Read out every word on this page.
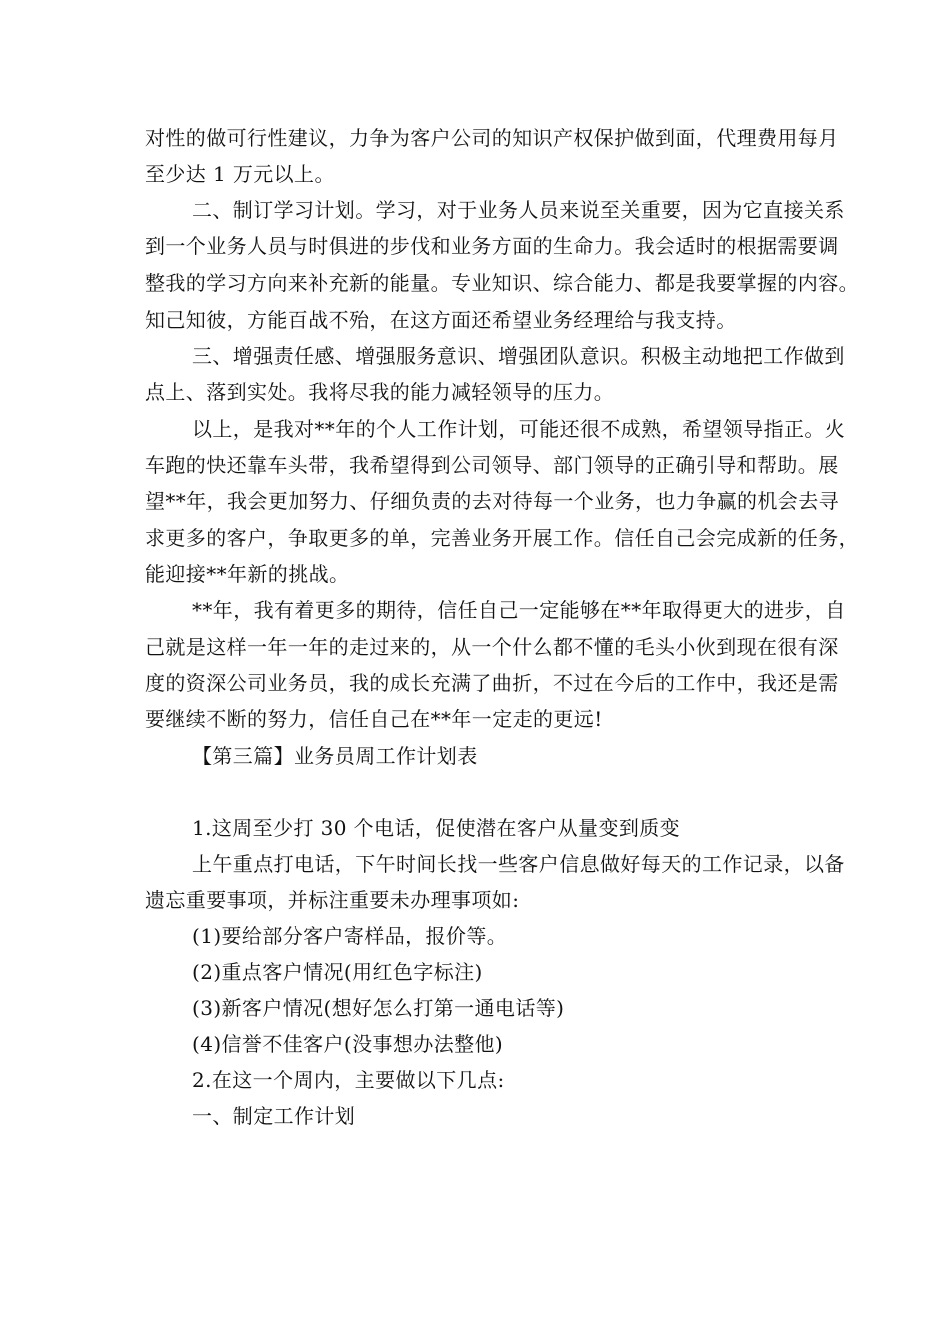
对性的做可行性建议，力争为客户公司的知识产权保护做到面，代理费用每月
至少达 1 万元以上。
二、制订学习计划。学习，对于业务人员来说至关重要，因为它直接关系
到一个业务人员与时俱进的步伐和业务方面的生命力。我会适时的根据需要调
整我的学习方向来补充新的能量。专业知识、综合能力、都是我要掌握的内容。
知己知彼，方能百战不殆，在这方面还希望业务经理给与我支持。
三、增强责任感、增强服务意识、增强团队意识。积极主动地把工作做到
点上、落到实处。我将尽我的能力减轻领导的压力。
以上，是我对**年的个人工作计划，可能还很不成熟，希望领导指正。火
车跑的快还靠车头带，我希望得到公司领导、部门领导的正确引导和帮助。展
望**年，我会更加努力、仔细负责的去对待每一个业务，也力争赢的机会去寻
求更多的客户，争取更多的单，完善业务开展工作。信任自己会完成新的任务，
能迎接**年新的挑战。
**年，我有着更多的期待，信任自己一定能够在**年取得更大的进步，自
己就是这样一年一年的走过来的，从一个什么都不懂的毛头小伙到现在很有深
度的资深公司业务员，我的成长充满了曲折，不过在今后的工作中，我还是需
要继续不断的努力，信任自己在**年一定走的更远!
【第三篇】业务员周工作计划表
1.这周至少打 30 个电话，促使潜在客户从量变到质变
上午重点打电话，下午时间长找一些客户信息做好每天的工作记录，以备
遗忘重要事项，并标注重要未办理事项如:
(1)要给部分客户寄样品，报价等。
(2)重点客户情况(用红色字标注)
(3)新客户情况(想好怎么打第一通电话等)
(4)信誉不佳客户(没事想办法整他)
2.在这一个周内，主要做以下几点:
一、制定工作计划
